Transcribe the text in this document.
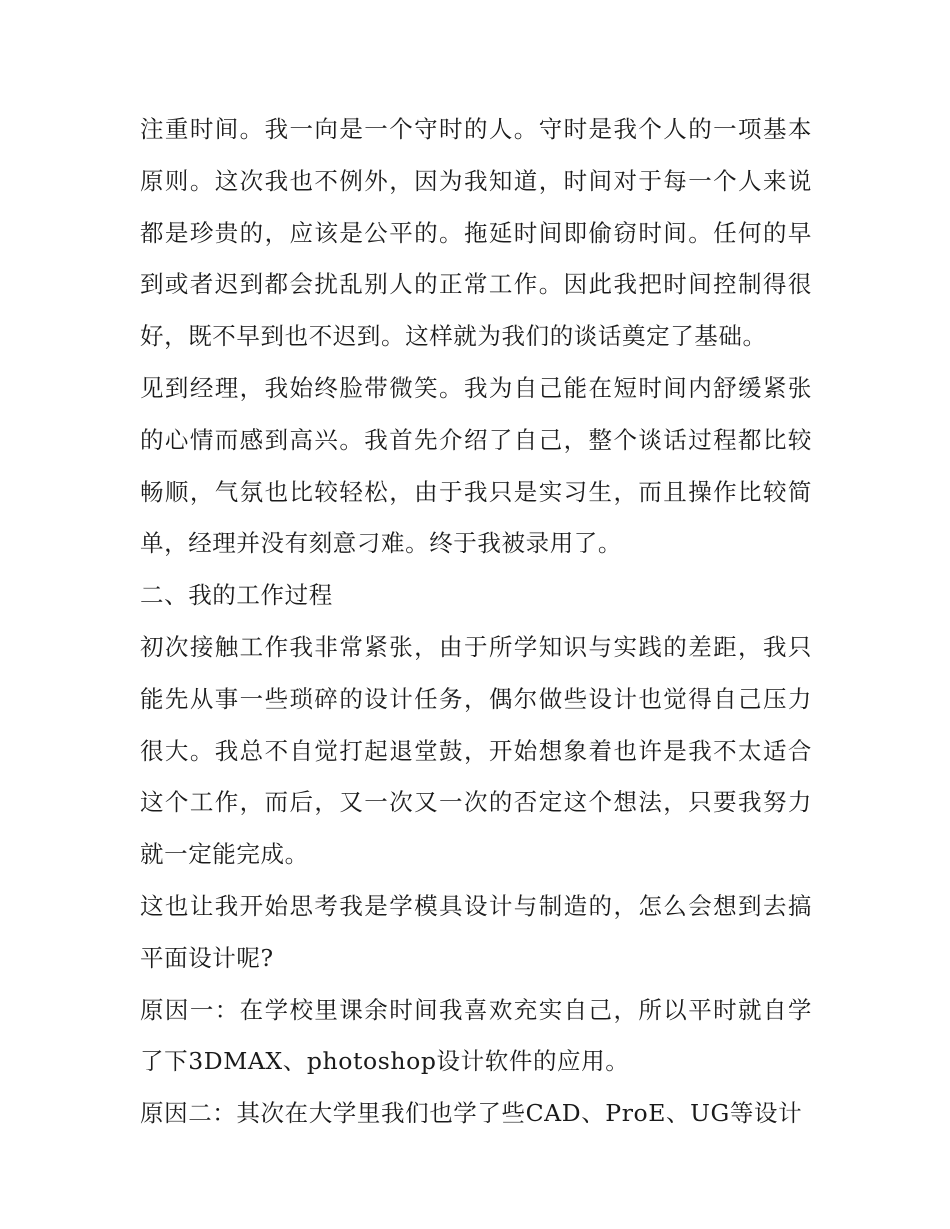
注重时间。我一向是一个守时的人。守时是我个人的一项基本原则。这次我也不例外，因为我知道，时间对于每一个人来说都是珍贵的，应该是公平的。拖延时间即偷窃时间。任何的早到或者迟到都会扰乱别人的正常工作。因此我把时间控制得很好，既不早到也不迟到。这样就为我们的谈话奠定了基础。

见到经理，我始终脸带微笑。我为自己能在短时间内舒缓紧张的心情而感到高兴。我首先介绍了自己，整个谈话过程都比较畅顺，气氛也比较轻松，由于我只是实习生，而且操作比较简单，经理并没有刻意刁难。终于我被录用了。

二、我的工作过程

初次接触工作我非常紧张，由于所学知识与实践的差距，我只能先从事一些琐碎的设计任务，偶尔做些设计也觉得自己压力很大。我总不自觉打起退堂鼓，开始想象着也许是我不太适合这个工作，而后，又一次又一次的否定这个想法，只要我努力就一定能完成。

这也让我开始思考我是学模具设计与制造的，怎么会想到去搞平面设计呢?

原因一：在学校里课余时间我喜欢充实自己，所以平时就自学了下3DMAX、photoshop设计软件的应用。

原因二：其次在大学里我们也学了些CAD、ProE、UG等设计
